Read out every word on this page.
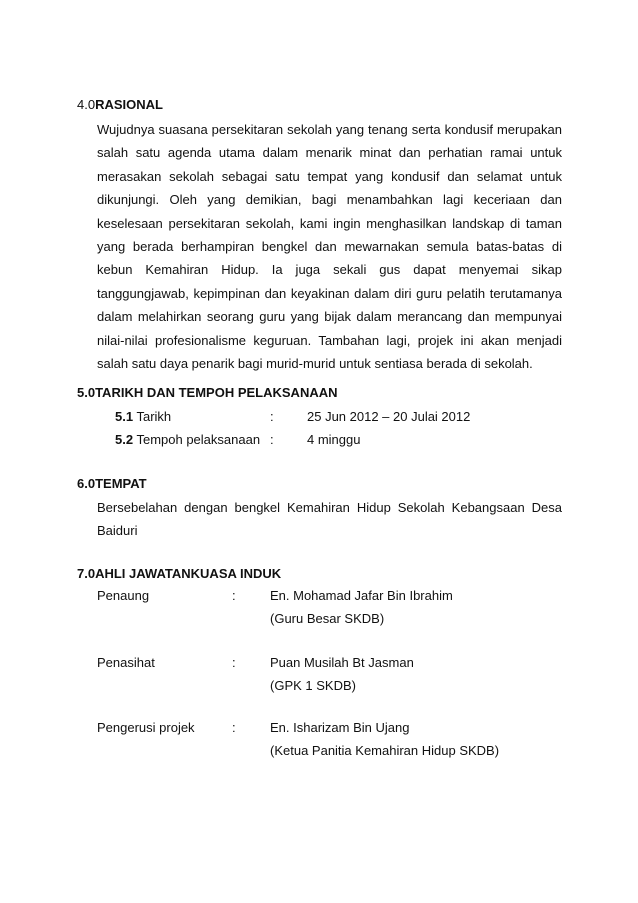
4.0RASIONAL
Wujudnya suasana persekitaran sekolah yang tenang serta kondusif merupakan
salah satu agenda utama dalam menarik minat dan perhatian ramai untuk
merasakan sekolah sebagai satu tempat yang kondusif dan selamat untuk
dikunjungi. Oleh yang demikian, bagi menambahkan lagi keceriaan dan
keselesaan persekitaran sekolah, kami ingin menghasilkan landskap di taman
yang berada berhampiran bengkel dan mewarnakan semula batas-batas di
kebun Kemahiran Hidup. Ia juga sekali gus dapat menyemai sikap
tanggungjawab, kepimpinan dan keyakinan dalam diri guru pelatih terutamanya
dalam melahirkan seorang guru yang bijak dalam merancang dan mempunyai
nilai-nilai profesionalisme keguruan. Tambahan lagi, projek ini akan menjadi
salah satu daya penarik bagi murid-murid untuk sentiasa berada di sekolah.
5.0TARIKH DAN TEMPOH PELAKSANAAN
5.1 Tarikh	:	25 Jun 2012 – 20 Julai 2012
5.2 Tempoh pelaksanaan :	4 minggu
6.0TEMPAT
Bersebelahan dengan bengkel Kemahiran Hidup Sekolah Kebangsaan Desa
Baiduri
7.0AHLI JAWATANKUASA INDUK
Penaung	:	En. Mohamad Jafar Bin Ibrahim
(Guru Besar SKDB)
Penasihat	:	Puan Musilah Bt Jasman
(GPK 1 SKDB)
Pengerusi projek	:	En. Isharizam Bin Ujang
(Ketua Panitia Kemahiran Hidup SKDB)
